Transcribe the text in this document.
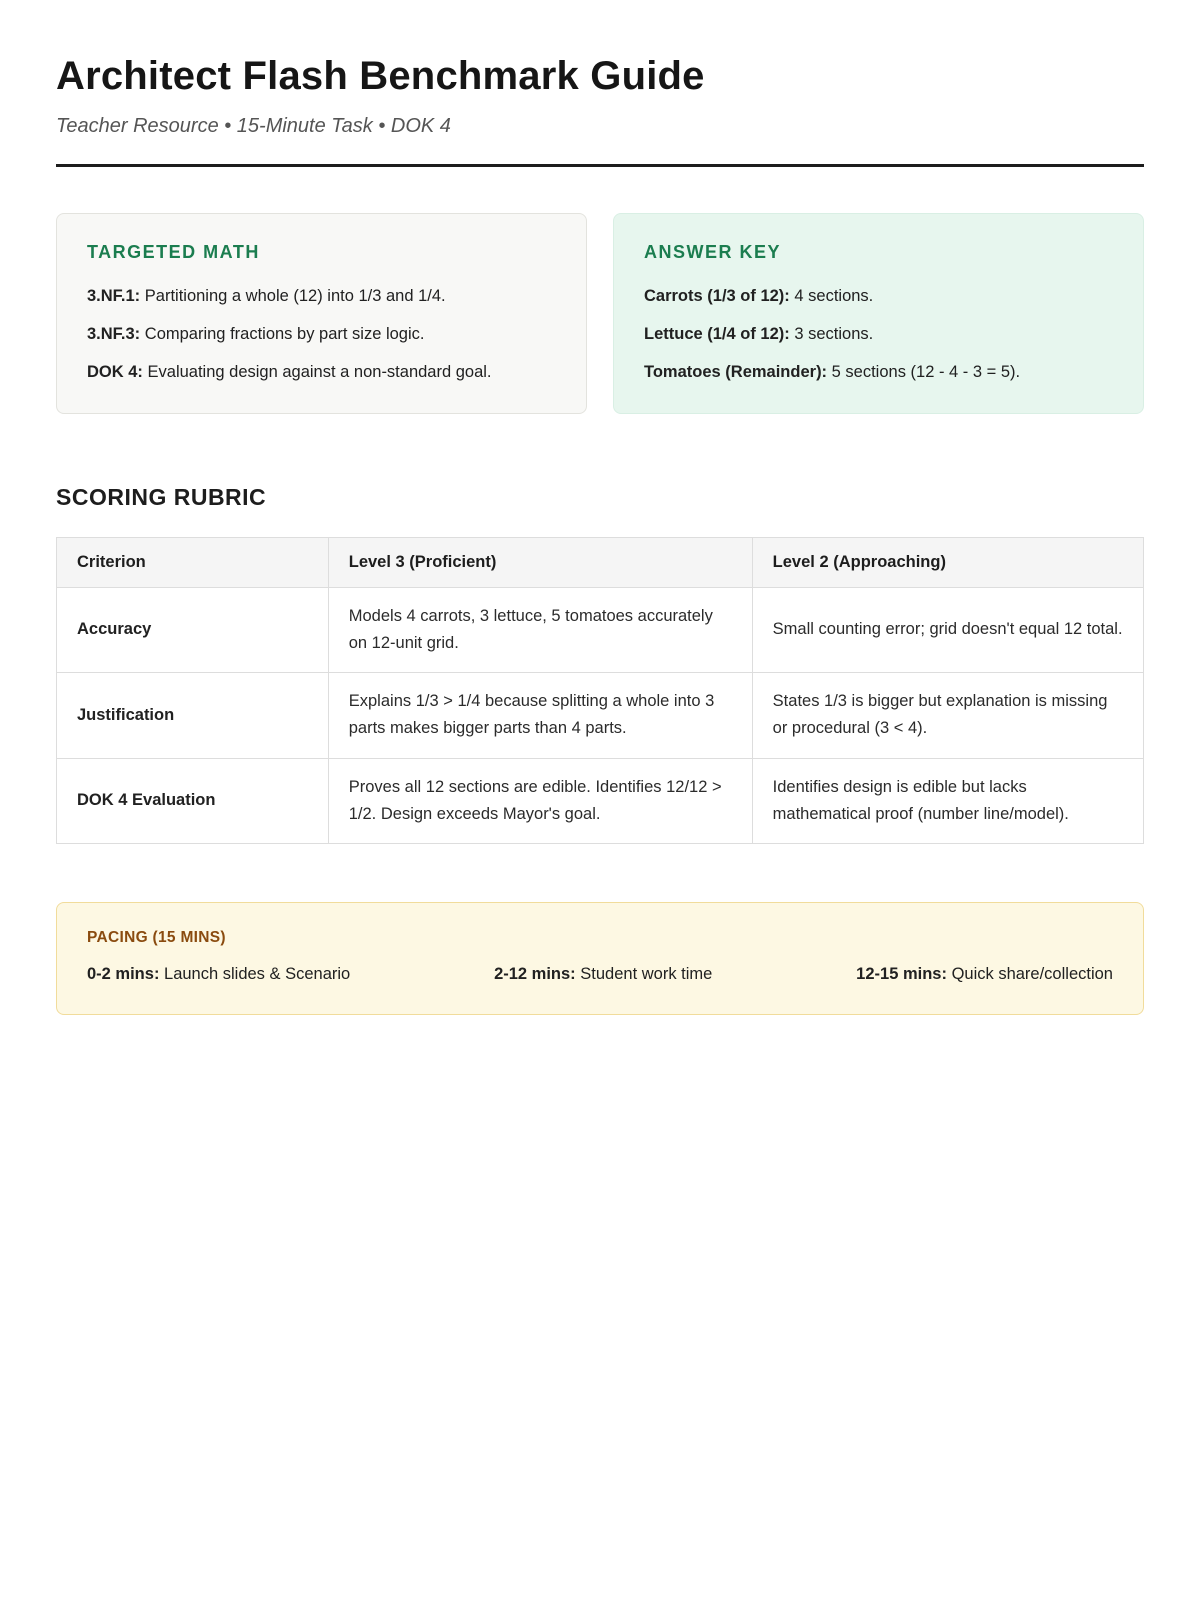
Architect Flash Benchmark Guide

Teacher Resource • 15-Minute Task • DOK 4

TARGETED MATH

3.NF.1: Partitioning a whole (12) into 1/3 and 1/4.

3.NF.3: Comparing fractions by part size logic.

DOK 4: Evaluating design against a non-standard goal.

ANSWER KEY

Carrots (1/3 of 12): 4 sections.

Lettuce (1/4 of 12): 3 sections.

Tomatoes (Remainder): 5 sections (12 - 4 - 3 = 5).

SCORING RUBRIC
Criterion	Level 3 (Proficient)	Level 2 (Approaching)
Accuracy	Models 4 carrots, 3 lettuce, 5 tomatoes accurately on 12-unit grid.	Small counting error; grid doesn't equal 12 total.
Justification	Explains 1/3 > 1/4 because splitting a whole into 3 parts makes bigger parts than 4 parts.	States 1/3 is bigger but explanation is missing or procedural (3 < 4).
DOK 4 Evaluation	Proves all 12 sections are edible. Identifies 12/12 > 1/2. Design exceeds Mayor's goal.	Identifies design is edible but lacks mathematical proof (number line/model).
PACING (15 MINS)
0-2 mins: Launch slides & Scenario	2-12 mins: Student work time	12-15 mins: Quick share/collection
